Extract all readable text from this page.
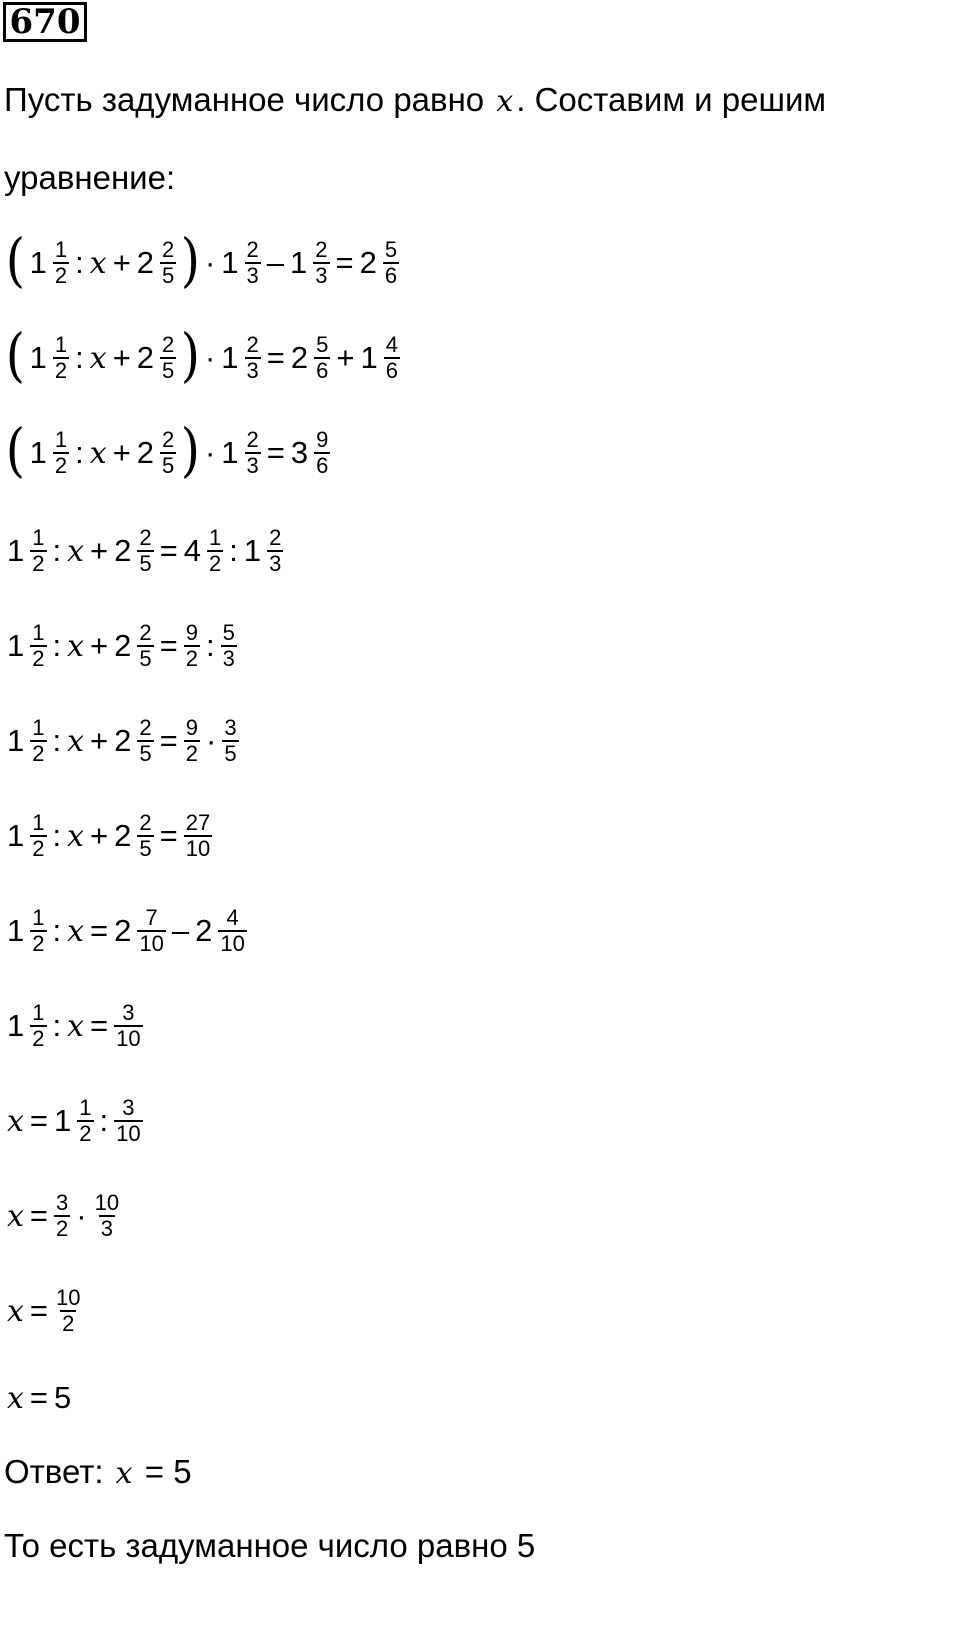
670
Пусть задуманное число равно x. Составим и решим
уравнение:
( $1 \frac{1}{2}$ : $x + 2 \frac{2}{5}$ ) · $1 \frac{2}{3} - 1 \frac{2}{3} = 2 \frac{5}{6}$
( $1 \frac{1}{2}$ : $x + 2 \frac{2}{5}$ ) · $1 \frac{2}{3} = 2 \frac{5}{6} + 1 \frac{4}{6}$
( $1 \frac{1}{2}$ : $x + 2 \frac{2}{5}$ ) · $1 \frac{2}{3} = 3 \frac{9}{6}$
$1 \frac{1}{2}$ : $x + 2 \frac{2}{5} = 4 \frac{1}{2}$ : $1 \frac{2}{3}$
$1 \frac{1}{2}$ : $x + 2 \frac{2}{5} = \frac{9}{2}$ : $\frac{5}{3}$
$1 \frac{1}{2}$ : $x + 2 \frac{2}{5} = \frac{9}{2} \cdot \frac{3}{5}$
$1 \frac{1}{2}$ : $x + 2 \frac{2}{5} = \frac{27}{10}$
$1 \frac{1}{2}$ : $x = 2 \frac{7}{10} - 2 \frac{4}{10}$
$1 \frac{1}{2}$ : $x = \frac{3}{10}$
$x = 1 \frac{1}{2}$ : $\frac{3}{10}$
$x = \frac{3}{2} \cdot \frac{10}{3}$
$x = \frac{10}{2}$
x = 5
Ответ: x = 5
То есть задуманное число равно 5
